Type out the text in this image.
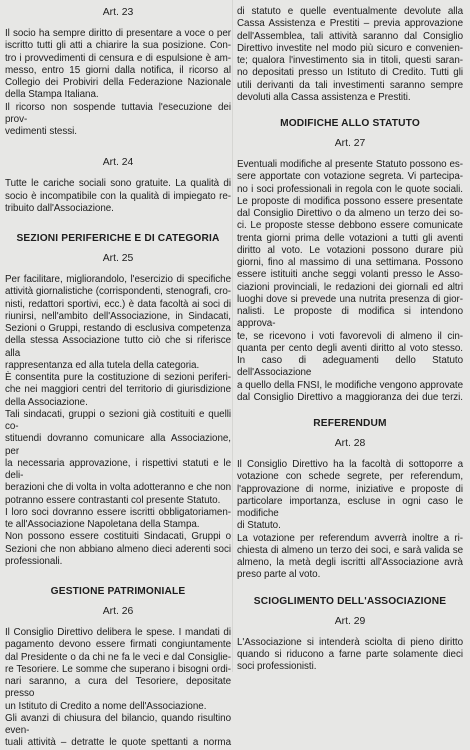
Art. 23
Il socio ha sempre diritto di presentare a voce o per
iscritto tutti gli atti a chiarire la sua posizione. Con-
tro i provvedimenti di censura e di espulsione è am-
messo, entro 15 giorni dalla notifica, il ricorso al
Collegio dei Probiviri della Federazione Nazionale
della Stampa Italiana.
Il ricorso non sospende tuttavia l'esecuzione dei prov-
vedimenti stessi.
Art. 24
Tutte le cariche sociali sono gratuite. La qualità di
socio è incompatibile con la qualità di impiegato re-
tribuito dall'Associazione.
SEZIONI PERIFERICHE E DI CATEGORIA
Art. 25
Per facilitare, migliorandolo, l'esercizio di specifiche
attività giornalistiche (corrispondenti, stenografi, cro-
nisti, redattori sportivi, ecc.) è data facoltà ai soci di
riunirsi, nell'ambito dell'Associazione, in Sindacati,
Sezioni o Gruppi, restando di esclusiva competenza
della stessa Associazione tutto ciò che si riferisce alla
rappresentanza ed alla tutela della categoria.
È consentita pure la costituzione di sezioni periferi-
che nei maggiori centri del territorio di giurisdizione
della Associazione.
Tali sindacati, gruppi o sezioni già costituiti e quelli co-
stituendi dovranno comunicare alla Associazione, per
la necessaria approvazione, i rispettivi statuti e le deli-
berazioni che di volta in volta adotteranno e che non
potranno essere contrastanti col presente Statuto.
I loro soci dovranno essere iscritti obbligatoriamen-
te all'Associazione Napoletana della Stampa.
Non possono essere costituiti Sindacati, Gruppi o
Sezioni che non abbiano almeno dieci aderenti soci
professionali.
GESTIONE PATRIMONIALE
Art. 26
Il Consiglio Direttivo delibera le spese. I mandati di
pagamento devono essere firmati congiuntamente
dal Presidente o da chi ne fa le veci e dal Consiglie-
re Tesoriere. Le somme che superano i bisogni ordi-
nari saranno, a cura del Tesoriere, depositate presso
un Istituto di Credito a nome dell'Associazione.
Gli avanzi di chiusura del bilancio, quando risultino even-
tuali attività – detratte le quote spettanti a norma
di statuto e quelle eventualmente devolute alla
Cassa Assistenza e Prestiti – previa approvazione
dell'Assemblea, tali attività saranno dal Consiglio
Direttivo investite nel modo più sicuro e convenien-
te; qualora l'investimento sia in titoli, questi saran-
no depositati presso un Istituto di Credito. Tutti gli
utili derivanti da tali investimenti saranno sempre
devoluti alla Cassa assistenza e Prestiti.
MODIFICHE ALLO STATUTO
Art. 27
Eventuali modifiche al presente Statuto possono es-
sere apportate con votazione segreta. Vi partecipa-
no i soci professionali in regola con le quote sociali.
Le proposte di modifica possono essere presentate
dal Consiglio Direttivo o da almeno un terzo dei so-
ci. Le proposte stesse debbono essere comunicate
trenta giorni prima delle votazioni a tutti gli aventi
diritto al voto. Le votazioni possono durare più
giorni, fino al massimo di una settimana. Possono
essere istituiti anche seggi volanti presso le Asso-
ciazioni provinciali, le redazioni dei giornali ed altri
luoghi dove si prevede una nutrita presenza di gior-
nalisti. Le proposte di modifica si intendono approva-
te, se ricevono i voti favorevoli di almeno il cin-
quanta per cento degli aventi diritto al voto stesso.
In caso di adeguamenti dello Statuto dell'Associazione
a quello della FNSI, le modifiche vengono approvate
dal Consiglio Direttivo a maggioranza dei due terzi.
REFERENDUM
Art. 28
Il Consiglio Direttivo ha la facoltà di sottoporre a
votazione con schede segrete, per referendum,
l'approvazione di norme, iniziative e proposte di
particolare importanza, escluse in ogni caso le modifiche
di Statuto.
La votazione per referendum avverrà inoltre a ri-
chiesta di almeno un terzo dei soci, e sarà valida se
almeno, la metà degli iscritti all'Associazione avrà
preso parte al voto.
SCIOGLIMENTO DELL'ASSOCIAZIONE
Art. 29
L'Associazione si intenderà sciolta di pieno diritto
quando si riducono a farne parte solamente dieci
soci professionisti.
